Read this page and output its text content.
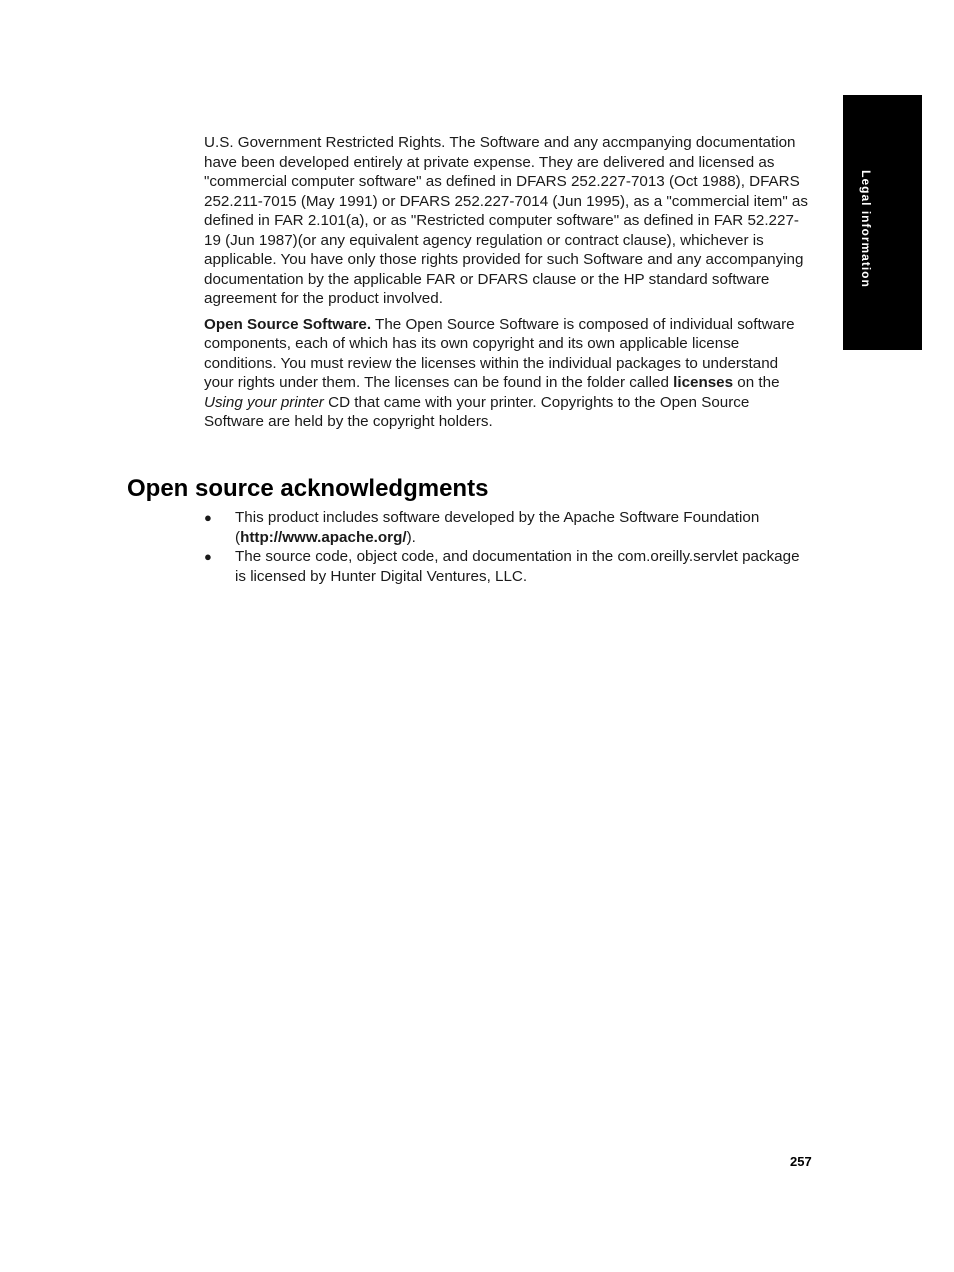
Legal information

U.S. Government Restricted Rights. The Software and any accmpanying documentation have been developed entirely at private expense. They are delivered and licensed as "commercial computer software" as defined in DFARS 252.227-7013 (Oct 1988), DFARS 252.211-7015 (May 1991) or DFARS 252.227-7014 (Jun 1995), as a "commercial item" as defined in FAR 2.101(a), or as "Restricted computer software" as defined in FAR 52.227-19 (Jun 1987)(or any equivalent agency regulation or contract clause), whichever is applicable. You have only those rights provided for such Software and any accompanying documentation by the applicable FAR or DFARS clause or the HP standard software agreement for the product involved.

Open Source Software. The Open Source Software is composed of individual software components, each of which has its own copyright and its own applicable license conditions. You must review the licenses within the individual packages to understand your rights under them. The licenses can be found in the folder called licenses on the Using your printer CD that came with your printer. Copyrights to the Open Source Software are held by the copyright holders.

Open source acknowledgments
● This product includes software developed by the Apache Software Foundation (http://www.apache.org/).
● The source code, object code, and documentation in the com.oreilly.servlet package is licensed by Hunter Digital Ventures, LLC.
257
